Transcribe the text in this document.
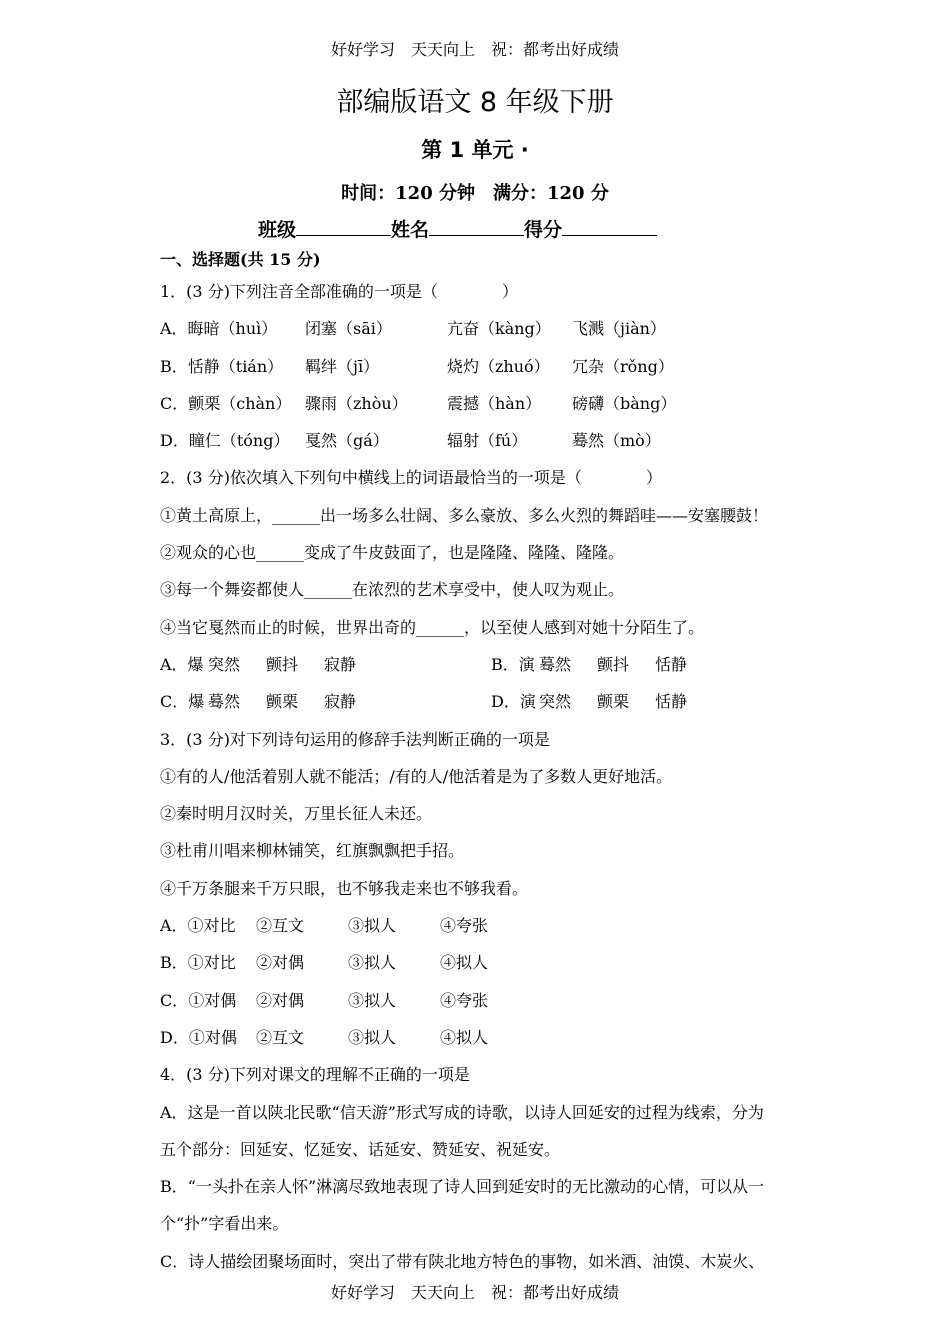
好好学习　天天向上　祝：都考出好成绩
部编版语文 8 年级下册
第 1 单元 ·
时间：120 分钟　满分：120 分
班级	姓名	得分
一、选择题(共 15 分)
1．(3 分)下列注音全部准确的一项是（	）
A．晦暗（huì） 闭塞（sāi）	亢奋（kàng） 飞溅（jiàn）
B．恬静（tián） 羁绊（jī）	烧灼（zhuó） 冗杂（rǒng）
C．颤栗（chàn） 骤雨（zhòu） 震撼（hàn） 磅礴（bàng）
D．瞳仁（tóng） 戛然（gá）	辐射（fú）	蓦然（mò）
2．(3 分)依次填入下列句中横线上的词语最恰当的一项是（	）
①黄土高原上，______出一场多么壮阔、多么豪放、多么火烈的舞蹈哇——安塞腰鼓！
②观众的心也______变成了牛皮鼓面了，也是隆隆、隆隆、隆隆。
③每一个舞姿都使人______在浓烈的艺术享受中，使人叹为观止。
④当它戛然而止的时候，世界出奇的______，以至使人感到对她十分陌生了。
A．爆 突然 颤抖 寂静	B．演 蓦然 颤抖 恬静
C．爆 蓦然 颤栗 寂静	D．演 突然 颤栗 恬静
3．(3 分)对下列诗句运用的修辞手法判断正确的一项是
①有的人/他活着别人就不能活；/有的人/他活着是为了多数人更好地活。
②秦时明月汉时关，万里长征人未还。
③杜甫川唱来柳林铺笑，红旗飘飘把手招。
④千万条腿来千万只眼，也不够我走来也不够我看。
A．①对比 ②互文	③拟人	④夸张
B．①对比 ②对偶	③拟人	④拟人
C．①对偶 ②对偶	③拟人	④夸张
D．①对偶 ②互文	③拟人	④拟人
4．(3 分)下列对课文的理解不正确的一项是
A．这是一首以陕北民歌“信天游”形式写成的诗歌，以诗人回延安的过程为线索，分为
五个部分：回延安、忆延安、话延安、赞延安、祝延安。
B．“一头扑在亲人怀”淋漓尽致地表现了诗人回到延安时的无比激动的心情，可以从一
个“扑”字看出来。
C．诗人描绘团聚场面时，突出了带有陕北地方特色的事物，如米酒、油馍、木炭火、
好好学习　天天向上　祝：都考出好成绩
